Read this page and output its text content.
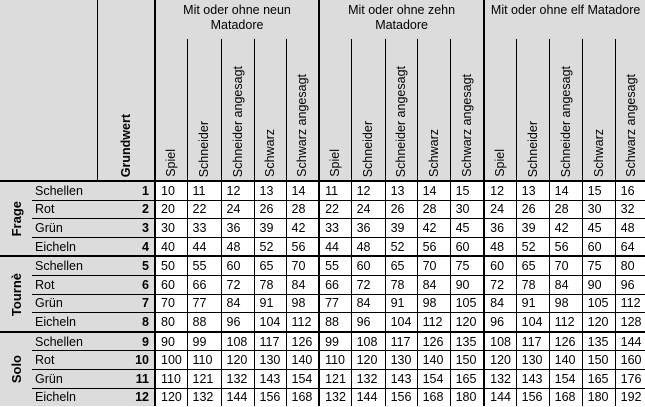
		Grundwert	Mit oder ohne neun Matadore					Mit oder ohne zehn Matadore					Mit oder ohne elf Matadore				

			Spiel	Schneider	Schneider angesagt	Schwarz	Schwarz angesagt	Spiel	Schneider	Schneider angesagt	Schwarz	Schwarz angesagt	Spiel	Schneider	Schneider angesagt	Schwarz	Schwarz angesagt

Frage	Schellen	1	10	11	12	13	14	11	12	13	14	15	12	13	14	15	16
	Rot	2	20	22	24	26	28	22	24	26	28	30	24	26	28	30	32
	Grün	3	30	33	36	39	42	33	36	39	42	45	36	39	42	45	48
	Eicheln	4	40	44	48	52	56	44	48	52	56	60	48	52	56	60	64

Tournè	Schellen	5	50	55	60	65	70	55	60	65	70	75	60	65	70	75	80
	Rot	6	60	66	72	78	84	66	72	78	84	90	72	78	84	90	96
	Grün	7	70	77	84	91	98	77	84	91	98	105	84	91	98	105	112
	Eicheln	8	80	88	96	104	112	88	96	104	112	120	96	104	112	120	128

Solo	Schellen	9	90	99	108	117	126	99	108	117	126	135	108	117	126	135	144
	Rot	10	100	110	120	130	140	110	120	130	140	150	120	130	140	150	160
	Grün	11	110	121	132	143	154	121	132	143	154	165	132	143	154	165	176
	Eicheln	12	120	132	144	156	168	132	144	156	168	180	144	156	168	180	192
